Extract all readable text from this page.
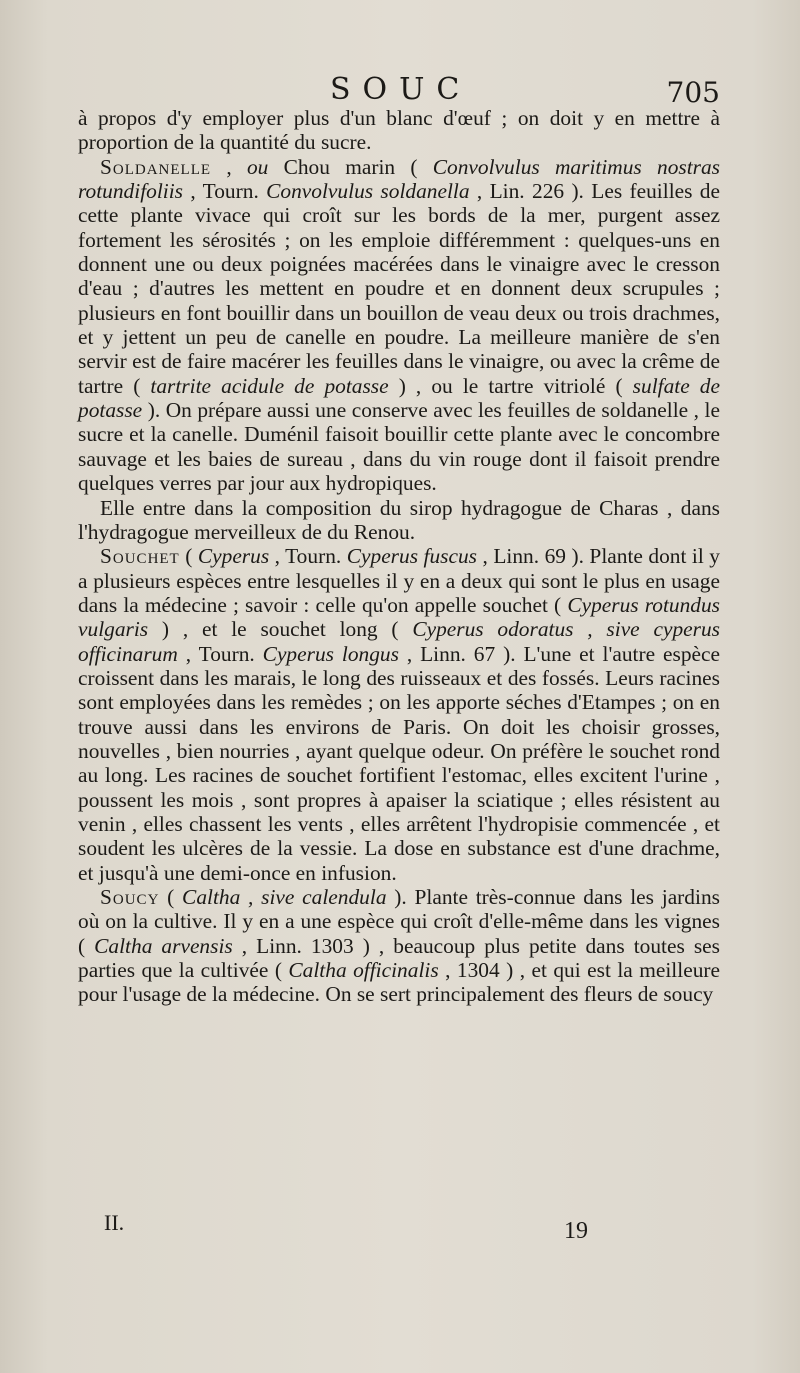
SOUC	705

à propos d'y employer plus d'un blanc d'œuf ; on doit y en mettre à proportion de la quantité du sucre.

Soldanelle , ou Chou marin ( Convolvulus maritimus nostras rotundifoliis , Tourn. Convolvulus soldanella , Lin. 226 ). Les feuilles de cette plante vivace qui croît sur les bords de la mer, purgent assez fortement les sérosités ; on les emploie différemment : quelques-uns en donnent une ou deux poignées macérées dans le vinaigre avec le cresson d'eau ; d'autres les mettent en poudre et en donnent deux scrupules ; plusieurs en font bouillir dans un bouillon de veau deux ou trois drachmes, et y jettent un peu de canelle en poudre. La meilleure manière de s'en servir est de faire macérer les feuilles dans le vinaigre, ou avec la crême de tartre ( tartrite acidule de potasse ) , ou le tartre vitriolé ( sulfate de potasse ). On prépare aussi une conserve avec les feuilles de soldanelle , le sucre et la canelle. Duménil faisoit bouillir cette plante avec le concombre sauvage et les baies de sureau , dans du vin rouge dont il faisoit prendre quelques verres par jour aux hydropiques.

Elle entre dans la composition du sirop hydragogue de Charas , dans l'hydragogue merveilleux de du Renou.

Souchet ( Cyperus , Tourn. Cyperus fuscus , Linn. 69 ). Plante dont il y a plusieurs espèces entre lesquelles il y en a deux qui sont le plus en usage dans la médecine ; savoir : celle qu'on appelle souchet ( Cyperus rotundus vulgaris ) , et le souchet long ( Cyperus odoratus , sive cyperus officinarum , Tourn. Cyperus longus , Linn. 67 ). L'une et l'autre espèce croissent dans les marais, le long des ruisseaux et des fossés. Leurs racines sont employées dans les remèdes ; on les apporte séches d'Etampes ; on en trouve aussi dans les environs de Paris. On doit les choisir grosses, nouvelles , bien nourries , ayant quelque odeur. On préfère le souchet rond au long. Les racines de souchet fortifient l'estomac, elles excitent l'urine , poussent les mois , sont propres à apaiser la sciatique ; elles résistent au venin , elles chassent les vents , elles arrêtent l'hydropisie commencée , et soudent les ulcères de la vessie. La dose en substance est d'une drachme, et jusqu'à une demi-once en infusion.

Soucy ( Caltha , sive calendula ). Plante très-connue dans les jardins où on la cultive. Il y en a une espèce qui croît d'elle-même dans les vignes ( Caltha arvensis , Linn. 1303 ) , beaucoup plus petite dans toutes ses parties que la cultivée ( Caltha officinalis , 1304 ) , et qui est la meilleure pour l'usage de la médecine. On se sert principalement des fleurs de soucy

II.	19
